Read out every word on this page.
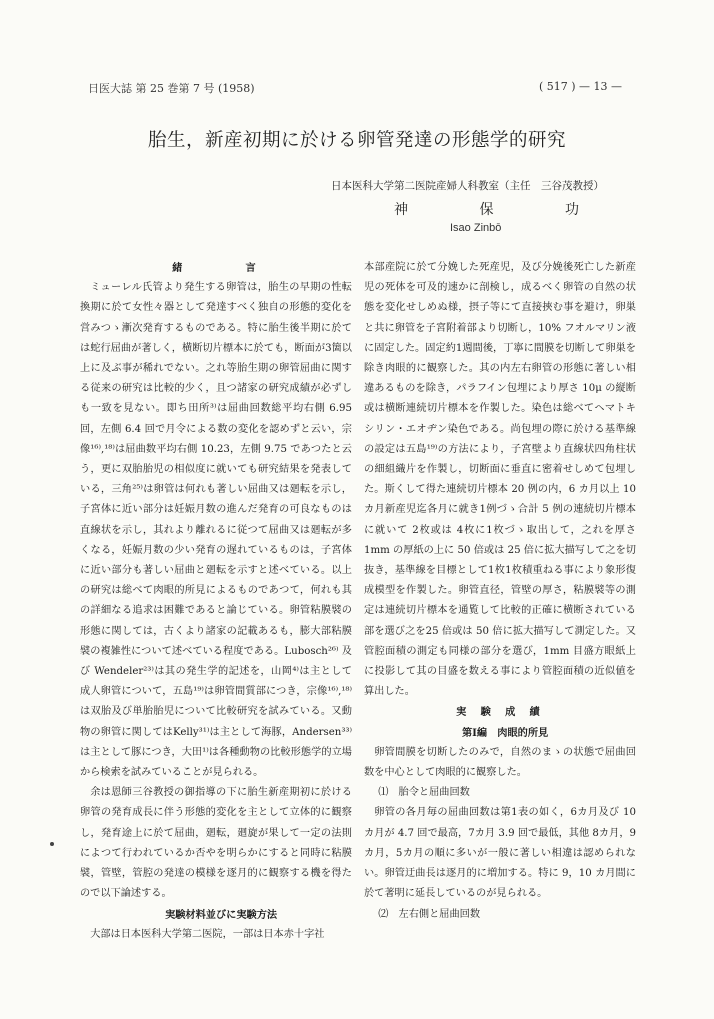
日医大誌 第 25 巻第 7 号 (1958)	( 517 ) — 13 —
胎生，新産初期に於ける卵管発達の形態学的研究
日本医科大学第二医院産婦人科教室（主任　三谷茂教授）
神	保	功
Isao Zinbō

緒　　言

ミューレル氏管より発生する卵管は，胎生の早期の性転換期に於て女性々器として発達すべく独自の形態的変化を営みつゝ漸次発育するものである。特に胎生後半期に於ては蛇行屈曲が著しく，横断切片標本に於ても，断面が3箇以上に及ぶ事が稀れでない。之れ等胎生期の卵管屈曲に関する従来の研究は比較的少く，且つ諸家の研究成績が必ずしも一致を見ない。即ち田所³⁾は屈曲回数総平均右側 6.95 回，左側 6.4 回で月令による数の変化を認めずと云い，宗像¹⁶⁾,¹⁸⁾は屈曲数平均右側 10.23，左側 9.75 であつたと云う，更に双胎胎児の相似度に就いても研究結果を発表している，三角²⁵⁾は卵管は何れも著しい屈曲又は廻転を示し，子宮体に近い部分は妊娠月数の進んだ発育の可良なものは直線状を示し，其れより離れるに従つて屈曲又は廻転が多くなる，妊娠月数の少い発育の遅れているものは，子宮体に近い部分も著しい屈曲と廻転を示すと述べている。以上の研究は総べて肉眼的所見によるものであつて，何れも其の詳細なる追求は困難であると論じている。卵管粘膜襞の形態に関しては，古くより諸家の記載あるも，膨大部粘膜襞の複雑性について述べている程度である。Lubosch²⁶⁾ 及び Wendeler²³⁾は其の発生学的記述を，山岡⁴⁾は主として成人卵管について，五島¹⁹⁾は卵管間質部につき，宗像¹⁶⁾,¹⁸⁾は双胎及び単胎胎児について比較研究を試みている。又動物の卵管に関してはKelly³¹⁾は主として海豚，Andersen³³⁾は主として豚につき，大田¹⁾は各種動物の比較形態学的立場から検索を試みていることが見られる。

余は恩師三谷教授の御指導の下に胎生新産期初に於ける卵管の発育成長に伴う形態的変化を主として立体的に観察し，発育途上に於て屈曲，廻転，廻旋が果して一定の法則によつて行われているか否やを明らかにすると同時に粘膜襞，管壁，管腔の発達の模様を逐月的に観察する機を得たので以下論述する。

実験材料並びに実験方法

大部は日本医科大学第二医院，一部は日本赤十字社

本部産院に於て分娩した死産児，及び分娩後死亡した新産児の死体を可及的速かに剖検し，成るべく卵管の自然の状態を変化せしめぬ様，摂子等にて直接挾む事を避け，卵巣と共に卵管を子宮附着部より切断し，10% フオルマリン液に固定した。固定約1週間後，丁寧に間膜を切断して卵巣を除き肉眼的に観察した。其の内左右卵管の形態に著しい相違あるものを除き，パラフイン包埋により厚さ 10μ の縦断或は横断連続切片標本を作製した。染色は総べてヘマトキシリン・エオヂン染色である。尚包埋の際に於ける基準線の設定は五島¹⁹⁾の方法により，子宮壁より直線状四角柱状の細組織片を作製し，切断面に垂直に密着せしめて包埋した。斯くして得た連続切片標本 20 例の内，6 カ月以上 10 カ月新産児迄各月に就き1例づゝ合計 5 例の連続切片標本に就いて 2枚或は 4枚に1枚づゝ取出して，之れを厚さ 1mm の厚紙の上に 50 倍或は 25 倍に拡大描写して之を切抜き，基準線を目標として1枚1枚積重ねる事により象形復成模型を作製した。卵管直径，管壁の厚さ，粘膜襞等の測定は連続切片標本を通覧して比較的正確に横断されている部を選び之を25 倍或は 50 倍に拡大描写して測定した。又管腔面積の測定も同様の部分を選び，1mm 目盛方眼紙上に投影して其の目盛を数える事により管腔面積の近似値を算出した。

実験成績

第Ⅰ編　肉眼的所見

卵管間膜を切断したのみで，自然のまゝの状態で屈曲回数を中心として肉眼的に観察した。

⑴　胎令と屈曲回数

卵管の各月毎の屈曲回数は第1表の如く，6カ月及び 10 カ月が 4.7 回で最高，7カ月 3.9 回で最低，其他 8カ月，9カ月，5カ月の順に多いが一般に著しい相違は認められない。卵管迂曲長は逐月的に増加する。特に 9，10 カ月間に於て著明に延長しているのが見られる。

⑵　左右側と屈曲回数
